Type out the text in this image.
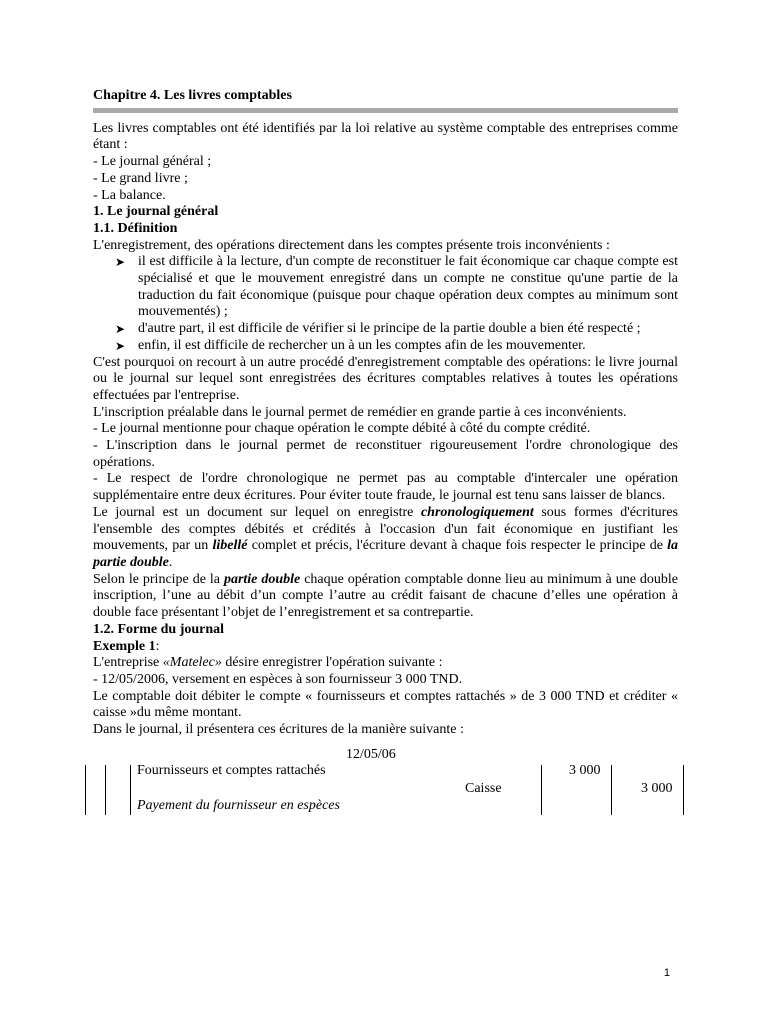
Chapitre 4. Les livres comptables

Les livres comptables ont été identifiés par la loi relative au système comptable des entreprises comme étant :

- Le journal général ;
- Le grand livre ;
- La balance.
1. Le journal général
1.1. Définition

L'enregistrement, des opérations directement dans les comptes présente trois inconvénients :

➤ il est difficile à la lecture, d'un compte de reconstituer le fait économique car chaque compte est spécialisé et que le mouvement enregistré dans un compte ne constitue qu'une partie de la traduction du fait économique (puisque pour chaque opération deux comptes au minimum sont mouvementés) ;
➤ d'autre part, il est difficile de vérifier si le principe de la partie double a bien été respecté ;
➤ enfin, il est difficile de rechercher un à un les comptes afin de les mouvementer.

C'est pourquoi on recourt à un autre procédé d'enregistrement comptable des opérations: le livre journal ou le journal sur lequel sont enregistrées des écritures comptables relatives à toutes les opérations effectuées par l'entreprise.

L'inscription préalable dans le journal permet de remédier en grande partie à ces inconvénients.

- Le journal mentionne pour chaque opération le compte débité à côté du compte crédité.

- L'inscription dans le journal permet de reconstituer rigoureusement l'ordre chronologique des opérations.

- Le respect de l'ordre chronologique ne permet pas au comptable d'intercaler une opération supplémentaire entre deux écritures. Pour éviter toute fraude, le journal est tenu sans laisser de blancs.

Le journal est un document sur lequel on enregistre chronologiquement sous formes d'écritures l'ensemble des comptes débités et crédités à l'occasion d'un fait économique en justifiant les mouvements, par un libellé complet et précis, l'écriture devant à chaque fois respecter le principe de la partie double.

Selon le principe de la partie double chaque opération comptable donne lieu au minimum à une double inscription, l’une au débit d’un compte l’autre au crédit faisant de chacune d’elles une opération à double face présentant l’objet de l’enregistrement et sa contrepartie.

1.2. Forme du journal
Exemple 1:
L'entreprise «Matelec» désire enregistrer l'opération suivante :
- 12/05/2006, versement en espèces à son fournisseur 3 000 TND.

Le comptable doit débiter le compte « fournisseurs et comptes rattachés » de 3 000 TND et créditer « caisse »du même montant.

Dans le journal, il présentera ces écritures de la manière suivante :
12/05/06
Fournisseurs et comptes rattachés	3 000
Caisse	3 000
Payement du fournisseur en espèces
1
